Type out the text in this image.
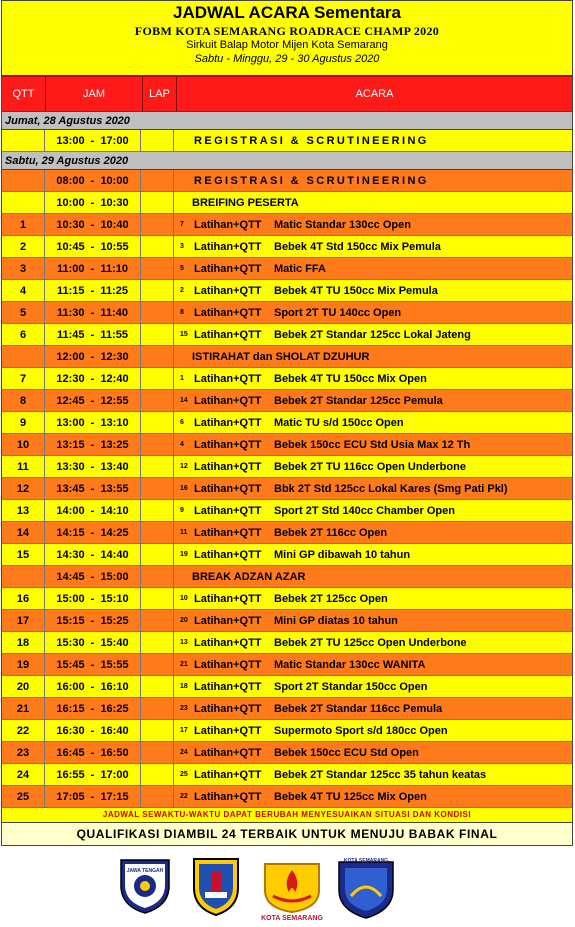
JADWAL ACARA Sementara
FOBM KOTA SEMARANG ROADRACE CHAMP 2020
Sirkuit Balap Motor Mijen Kota Semarang
Sabtu - Minggu, 29 - 30 Agustus 2020
QTT	JAM	LAP	ACARA
Jumat, 28 Agustus 2020
13:00  -  17:00	REGISTRASI & SCRUTINEERING
Sabtu, 29 Agustus 2020
08:00  -  10:00	REGISTRASI & SCRUTINEERING
10:00  -  10:30	BREIFING PESERTA
1	10:30  -  10:40	7 Latihan+QTT	Matic Standar 130cc Open
2	10:45  -  10:55	3 Latihan+QTT	Bebek 4T Std 150cc Mix Pemula
3	11:00  -  11:10	5 Latihan+QTT	Matic FFA
4	11:15  -  11:25	2 Latihan+QTT	Bebek 4T TU 150cc Mix Pemula
5	11:30  -  11:40	8 Latihan+QTT	Sport 2T TU 140cc Open
6	11:45  -  11:55	15 Latihan+QTT	Bebek 2T Standar 125cc Lokal Jateng
12:00  -  12:30	ISTIRAHAT dan SHOLAT DZUHUR
7	12:30  -  12:40	1 Latihan+QTT	Bebek 4T TU 150cc Mix Open
8	12:45  -  12:55	14 Latihan+QTT	Bebek 2T Standar 125cc Pemula
9	13:00  -  13:10	6 Latihan+QTT	Matic TU s/d 150cc Open
10	13:15  -  13:25	4 Latihan+QTT	Bebek 150cc ECU Std Usia Max 12 Th
11	13:30  -  13:40	12 Latihan+QTT	Bebek 2T TU 116cc Open Underbone
12	13:45  -  13:55	16 Latihan+QTT	Bbk 2T Std 125cc Lokal Kares (Smg Pati Pkl)
13	14:00  -  14:10	9 Latihan+QTT	Sport 2T Std 140cc Chamber Open
14	14:15  -  14:25	11 Latihan+QTT	Bebek 2T 116cc Open
15	14:30  -  14:40	19 Latihan+QTT	Mini GP dibawah 10 tahun
14:45  -  15:00	BREAK ADZAN AZAR
16	15:00  -  15:10	10 Latihan+QTT	Bebek 2T 125cc Open
17	15:15  -  15:25	20 Latihan+QTT	Mini GP diatas 10 tahun
18	15:30  -  15:40	13 Latihan+QTT	Bebek 2T TU 125cc Open Underbone
19	15:45  -  15:55	21 Latihan+QTT	Matic Standar 130cc WANITA
20	16:00  -  16:10	18 Latihan+QTT	Sport 2T Standar 150cc Open
21	16:15  -  16:25	23 Latihan+QTT	Bebek 2T Standar 116cc Pemula
22	16:30  -  16:40	17 Latihan+QTT	Supermoto Sport s/d 180cc Open
23	16:45  -  16:50	24 Latihan+QTT	Bebek 150cc ECU Std Open
24	16:55  -  17:00	25 Latihan+QTT	Bebek 2T Standar 125cc 35 tahun keatas
25	17:05  -  17:15	22 Latihan+QTT	Bebek 4T TU 125cc Mix Open
JADWAL SEWAKTU-WAKTU DAPAT BERUBAH MENYESUAIKAN SITUASI DAN KONDISI
QUALIFIKASI DIAMBIL 24 TERBAIK UNTUK MENUJU BABAK FINAL
JAWA TENGAH
KOTA SEMARANG
KOTA SEMARANG
